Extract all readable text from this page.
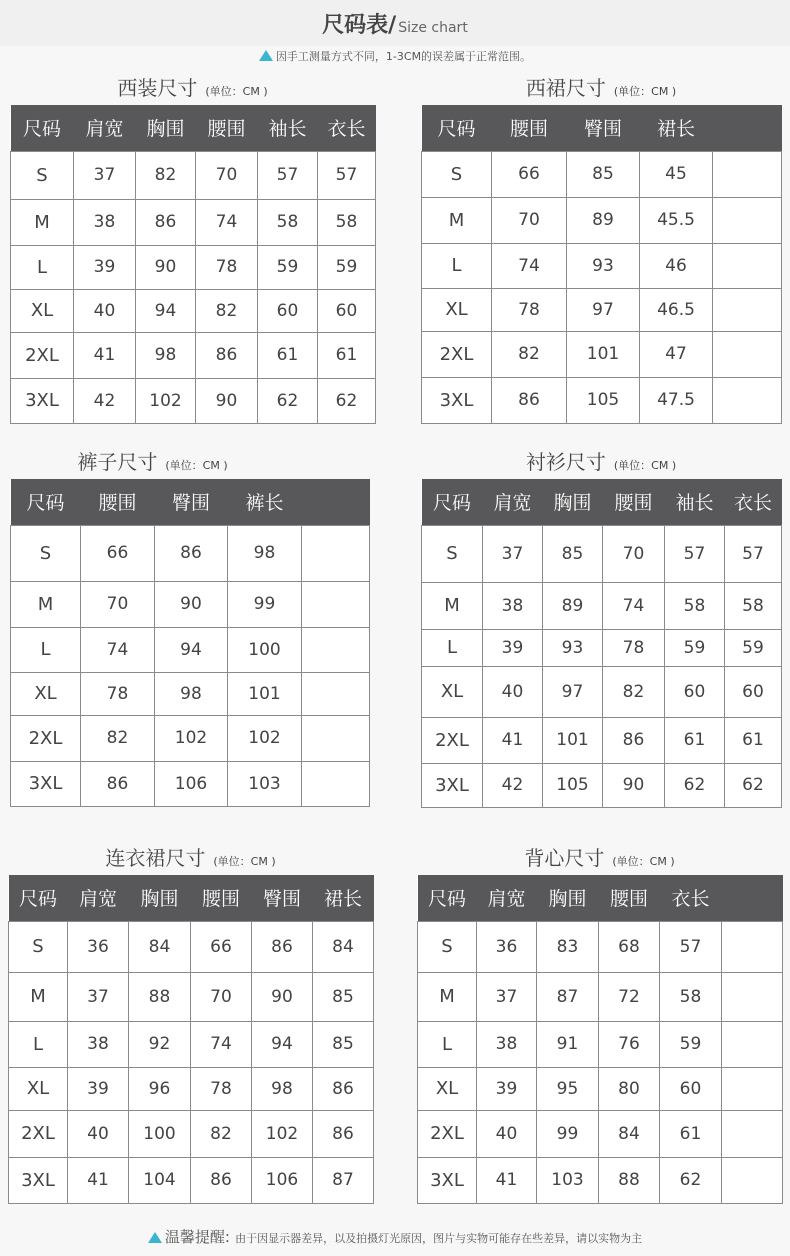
尺码表/ Size chart
因手工测量方式不同，1-3CM的误差属于正常范围。
西装尺寸 (单位：CM )
尺码	肩宽	胸围	腰围	袖长	衣长
S	37	82	70	57	57
M	38	86	74	58	58
L	39	90	78	59	59
XL	40	94	82	60	60
2XL	41	98	86	61	61
3XL	42	102	90	62	62
西裙尺寸 (单位：CM )
尺码	腰围	臀围	裙长	
S	66	85	45	
M	70	89	45.5	
L	74	93	46	
XL	78	97	46.5	
2XL	82	101	47	
3XL	86	105	47.5	
裤子尺寸 (单位：CM )
尺码	腰围	臀围	裤长	
S	66	86	98	
M	70	90	99	
L	74	94	100	
XL	78	98	101	
2XL	82	102	102	
3XL	86	106	103	
衬衫尺寸 (单位：CM )
尺码	肩宽	胸围	腰围	袖长	衣长
S	37	85	70	57	57
M	38	89	74	58	58
L	39	93	78	59	59
XL	40	97	82	60	60
2XL	41	101	86	61	61
3XL	42	105	90	62	62
连衣裙尺寸 (单位：CM )
尺码	肩宽	胸围	腰围	臀围	裙长
S	36	84	66	86	84
M	37	88	70	90	85
L	38	92	74	94	85
XL	39	96	78	98	86
2XL	40	100	82	102	86
3XL	41	104	86	106	87
背心尺寸 (单位：CM )
尺码	肩宽	胸围	腰围	衣长	
S	36	83	68	57	
M	37	87	72	58	
L	38	91	76	59	
XL	39	95	80	60	
2XL	40	99	84	61	
3XL	41	103	88	62	
温馨提醒: 由于因显示器差异，以及拍摄灯光原因，图片与实物可能存在些差异，请以实物为主
